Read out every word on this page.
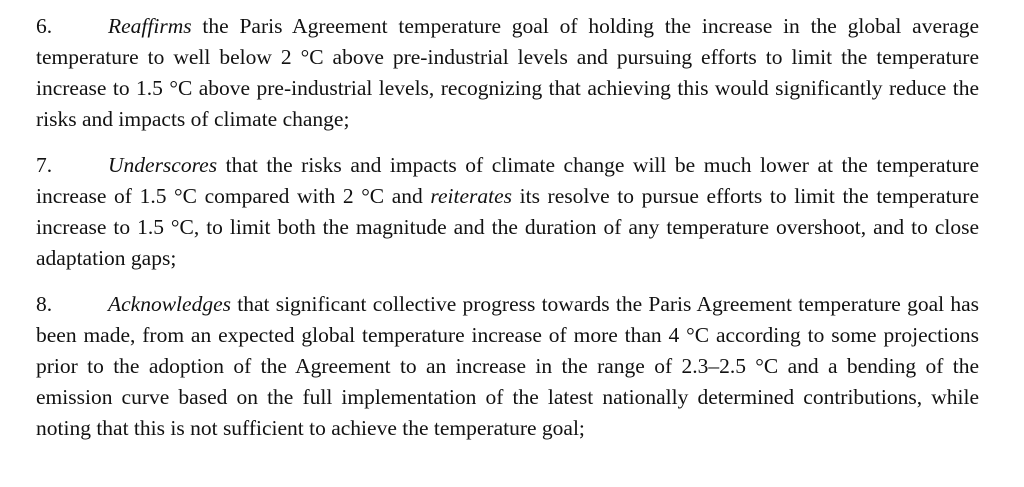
6.	Reaffirms the Paris Agreement temperature goal of holding the increase in the global average temperature to well below 2 °C above pre-industrial levels and pursuing efforts to limit the temperature increase to 1.5 °C above pre-industrial levels, recognizing that achieving this would significantly reduce the risks and impacts of climate change;

7.	Underscores that the risks and impacts of climate change will be much lower at the temperature increase of 1.5 °C compared with 2 °C and reiterates its resolve to pursue efforts to limit the temperature increase to 1.5 °C, to limit both the magnitude and the duration of any temperature overshoot, and to close adaptation gaps;

8.	Acknowledges that significant collective progress towards the Paris Agreement temperature goal has been made, from an expected global temperature increase of more than 4 °C according to some projections prior to the adoption of the Agreement to an increase in the range of 2.3–2.5 °C and a bending of the emission curve based on the full implementation of the latest nationally determined contributions, while noting that this is not sufficient to achieve the temperature goal;
